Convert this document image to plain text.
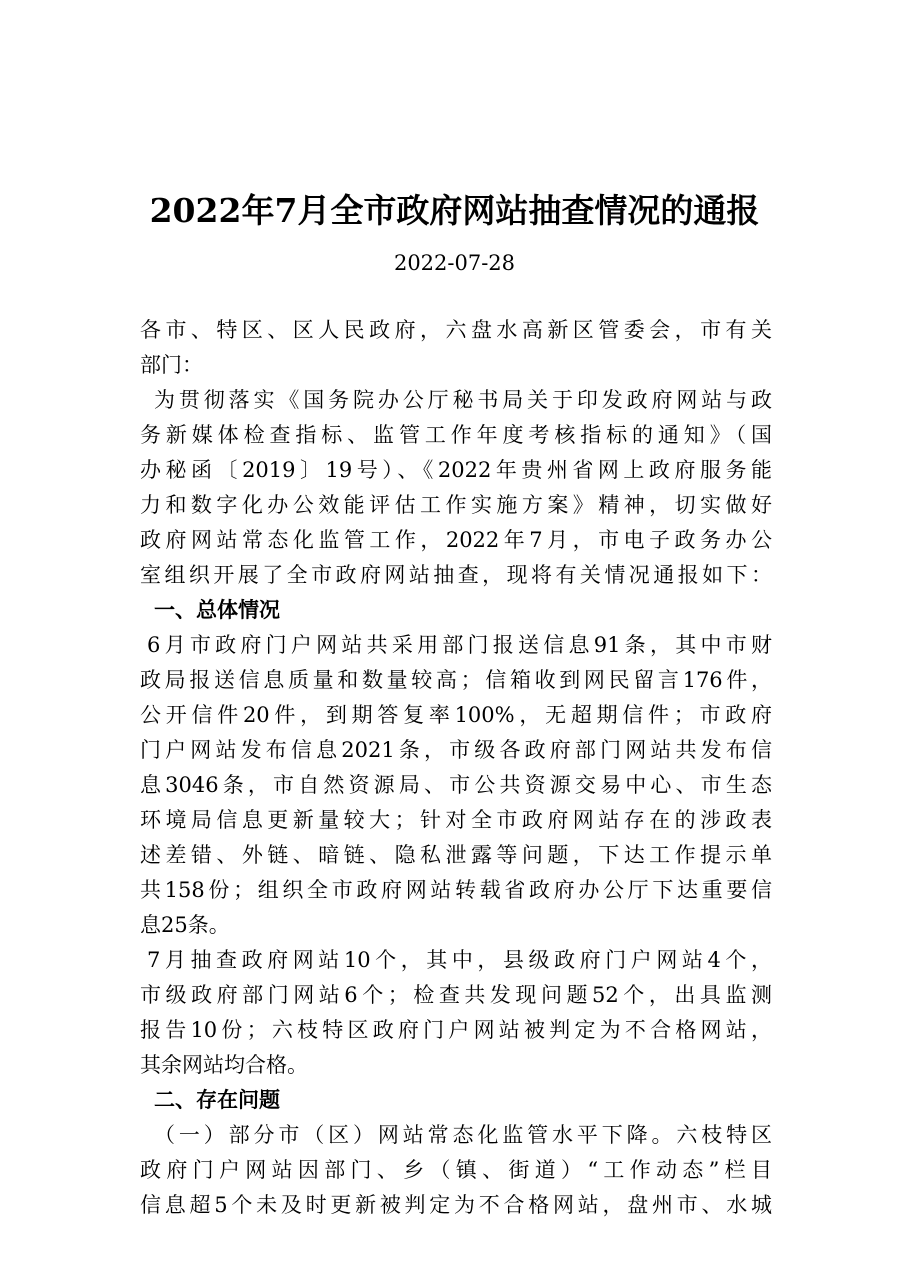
2022年7月全市政府网站抽查情况的通报
2022-07-28
各市、特区、区人民政府，六盘水高新区管委会，市有关
部门：
为贯彻落实《国务院办公厅秘书局关于印发政府网站与政
务新媒体检查指标、监管工作年度考核指标的通知》（国
办秘函〔2019〕19号）、《2022年贵州省网上政府服务能
力和数字化办公效能评估工作实施方案》精神，切实做好
政府网站常态化监管工作，2022年7月，市电子政务办公
室组织开展了全市政府网站抽查，现将有关情况通报如下：
一、总体情况
6月市政府门户网站共采用部门报送信息91条，其中市财
政局报送信息质量和数量较高；信箱收到网民留言176件，
公开信件20件，到期答复率100%，无超期信件；市政府
门户网站发布信息2021条，市级各政府部门网站共发布信
息3046条，市自然资源局、市公共资源交易中心、市生态
环境局信息更新量较大；针对全市政府网站存在的涉政表
述差错、外链、暗链、隐私泄露等问题，下达工作提示单
共158份；组织全市政府网站转载省政府办公厅下达重要信
息25条。
7月抽查政府网站10个，其中，县级政府门户网站4个，
市级政府部门网站6个；检查共发现问题52个，出具监测
报告10份；六枝特区政府门户网站被判定为不合格网站，
其余网站均合格。
二、存在问题
（一）部分市（区）网站常态化监管水平下降。六枝特区
政府门户网站因部门、乡（镇、街道）“工作动态”栏目
信息超5个未及时更新被判定为不合格网站，盘州市、水城
